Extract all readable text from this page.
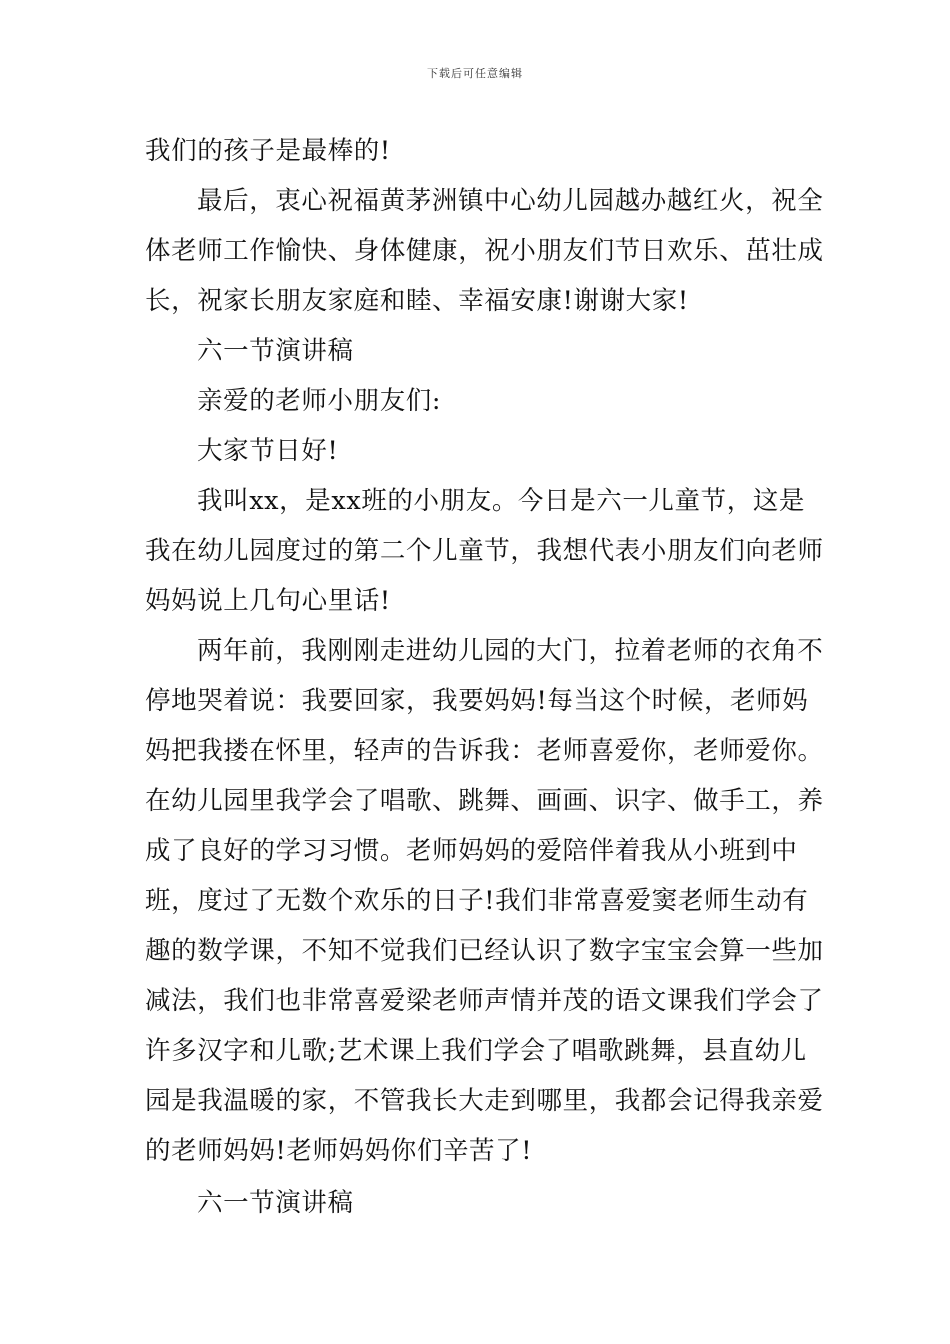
下载后可任意编辑

我们的孩子是最棒的!

最后，衷心祝福黄茅洲镇中心幼儿园越办越红火，祝全体老师工作愉快、身体健康，祝小朋友们节日欢乐、茁壮成长，祝家长朋友家庭和睦、幸福安康!谢谢大家!

六一节演讲稿

亲爱的老师小朋友们:

大家节日好!

我叫xx，是xx班的小朋友。今日是六一儿童节，这是我在幼儿园度过的第二个儿童节，我想代表小朋友们向老师妈妈说上几句心里话!

两年前，我刚刚走进幼儿园的大门，拉着老师的衣角不停地哭着说：我要回家，我要妈妈!每当这个时候，老师妈妈把我搂在怀里，轻声的告诉我：老师喜爱你，老师爱你。在幼儿园里我学会了唱歌、跳舞、画画、识字、做手工，养成了良好的学习习惯。老师妈妈的爱陪伴着我从小班到中班，度过了无数个欢乐的日子!我们非常喜爱窦老师生动有趣的数学课，不知不觉我们已经认识了数字宝宝会算一些加减法，我们也非常喜爱梁老师声情并茂的语文课我们学会了许多汉字和儿歌;艺术课上我们学会了唱歌跳舞，县直幼儿园是我温暖的家，不管我长大走到哪里，我都会记得我亲爱的老师妈妈!老师妈妈你们辛苦了!

六一节演讲稿
